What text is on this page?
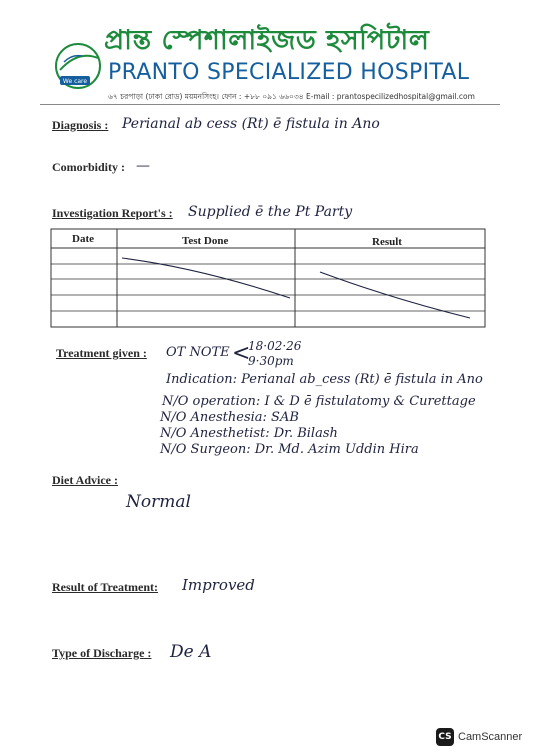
We care
প্রান্ত স্পেশালাইজড হসপিটাল
PRANTO SPECIALIZED HOSPITAL
৬৭ চরপাড়া (ঢাকা রোড) ময়মনসিংহ। ফোন : +৮৮ ০৯১ ৬৬০৩৪ E-mail : prantospecilizedhospital@gmail.com
Diagnosis : Perianal ab cess (Rt) ē fistula in Ano
Comorbidity : —
Investigation Report's : Supplied ē the Pt Party
Date	Test Done	Result
Treatment given : OT NOTE <
18·02·26
9·30pm
Indication: Perianal ab_cess (Rt) ē fistula in Ano
N/O operation: I & D ē fistulatomy & Curettage
N/O Anesthesia: SAB
N/O Anesthetist: Dr. Bilash
N/O Surgeon: Dr. Md. Azim Uddin Hira
Diet Advice :
Normal
Result of Treatment: Improved
Type of Discharge : De A
CS CamScanner
